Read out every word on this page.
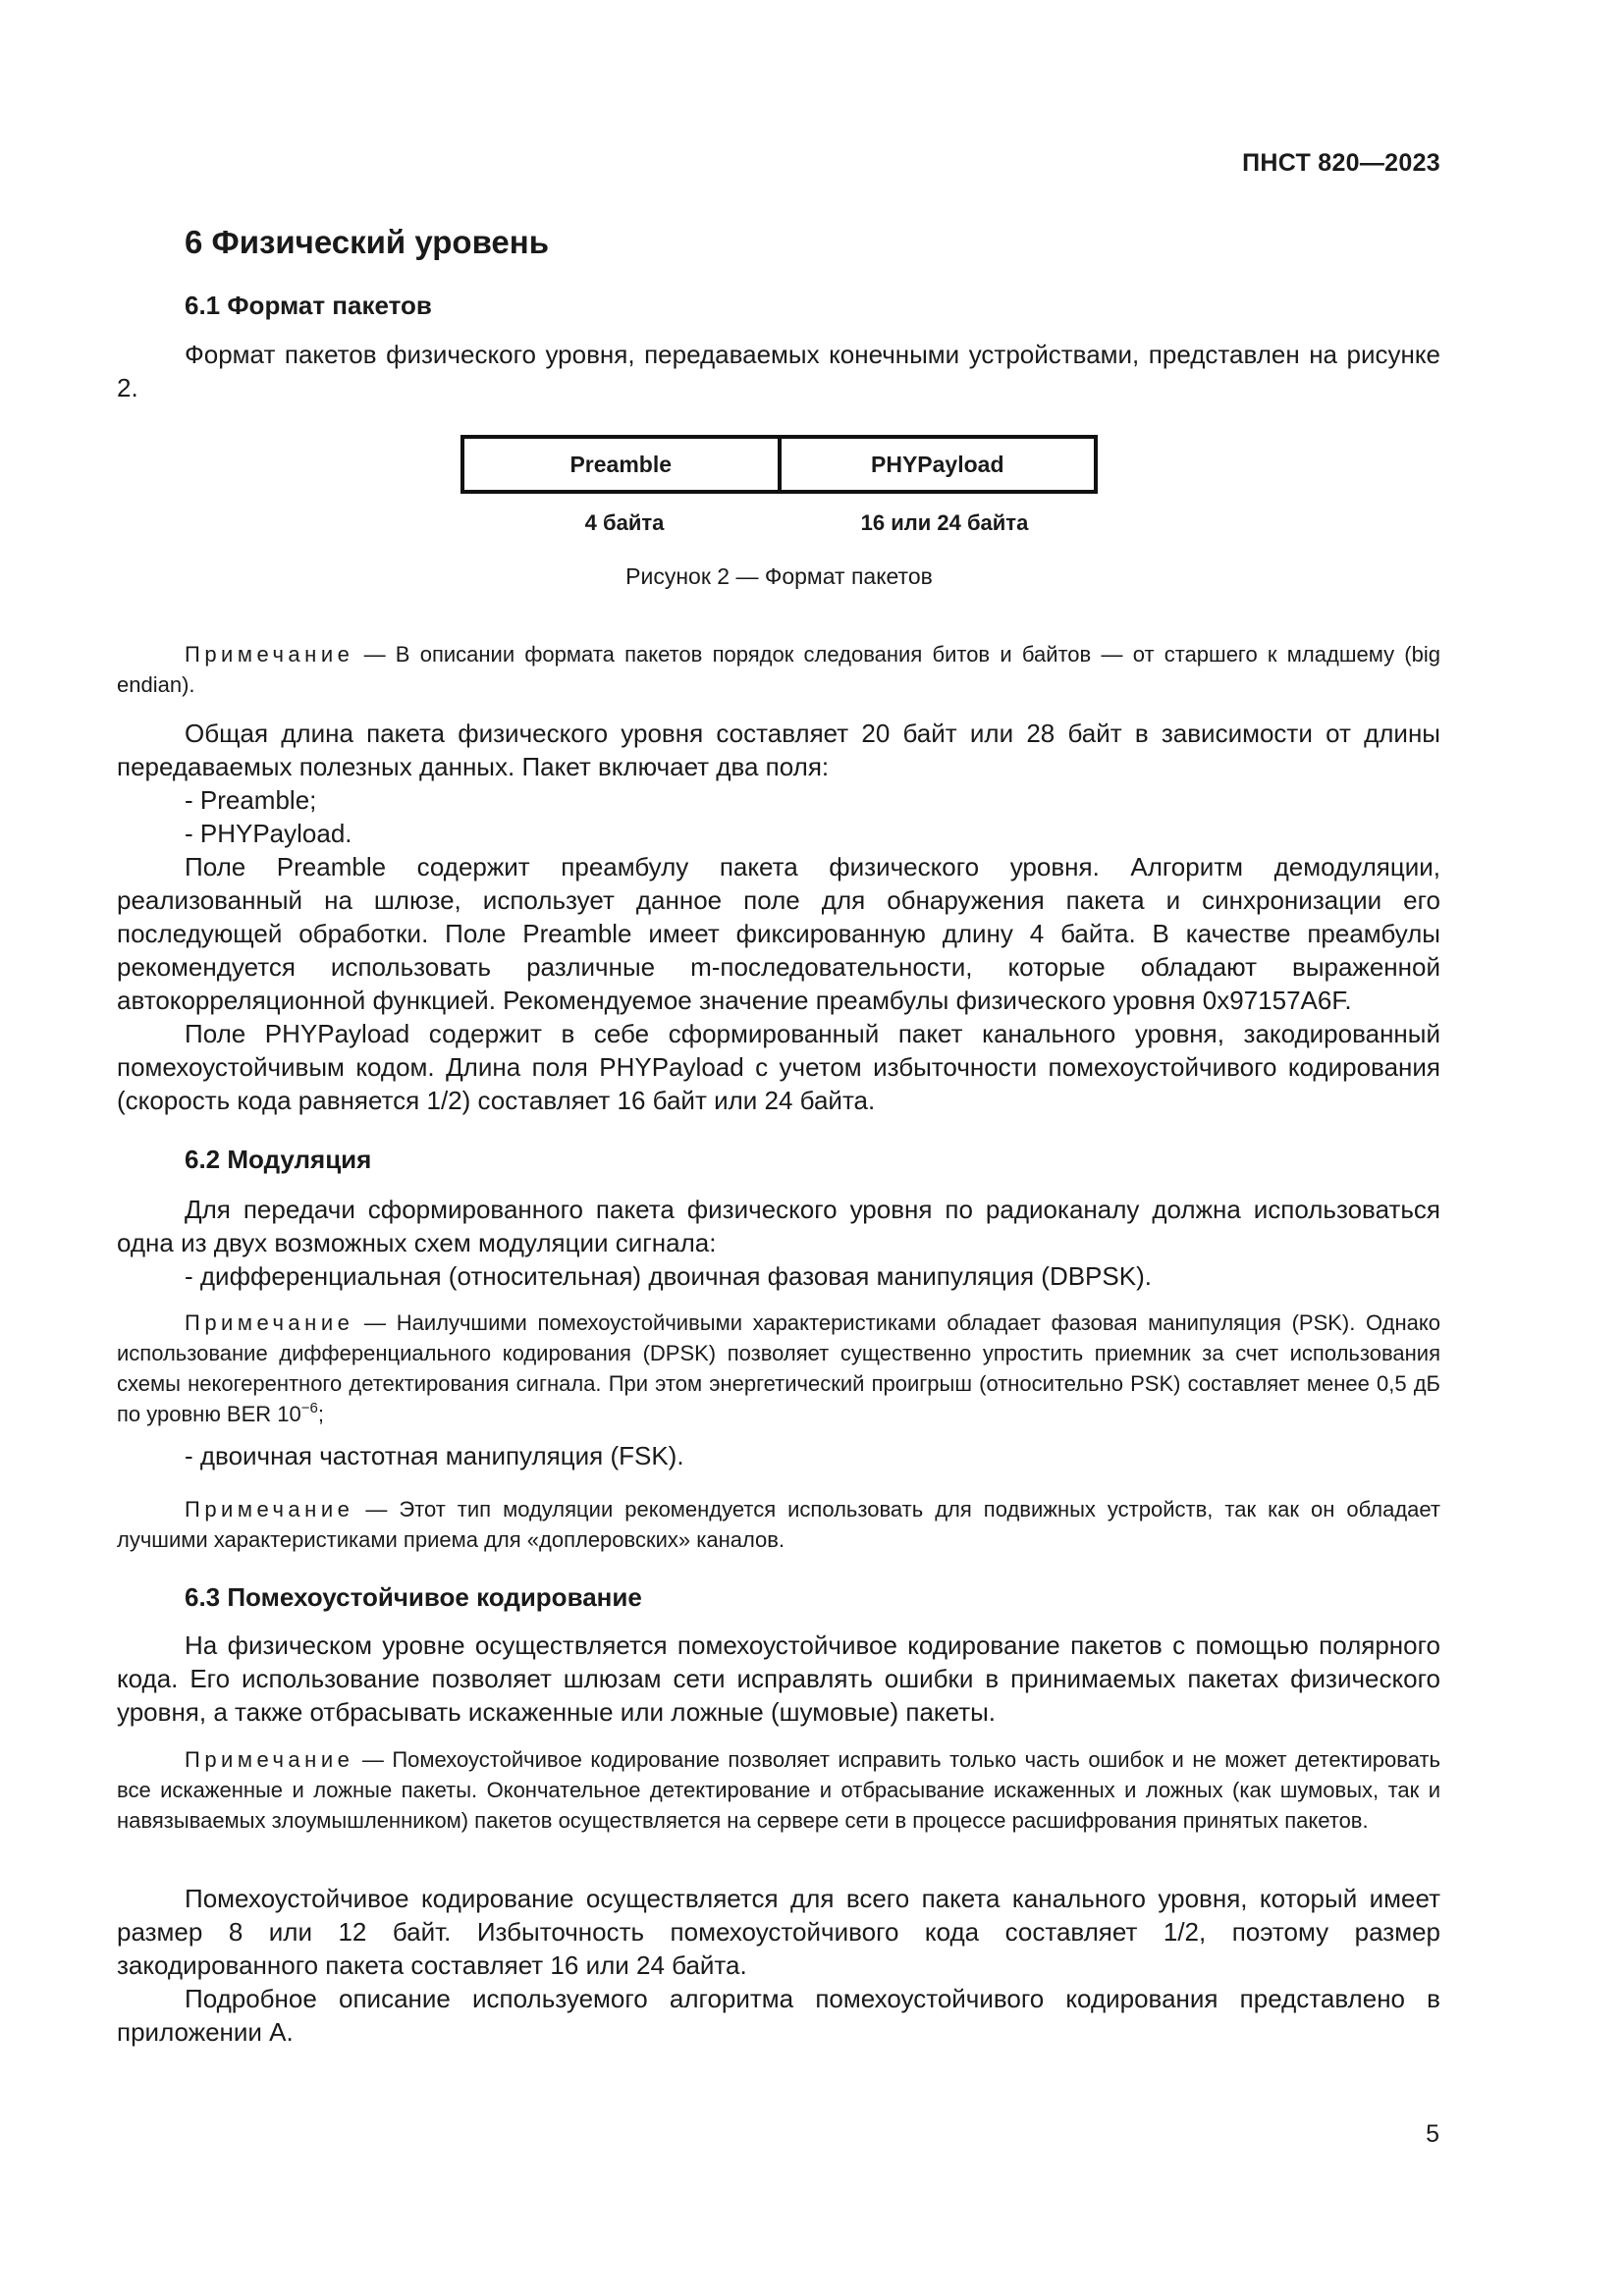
ПНСТ 820—2023
6 Физический уровень
6.1 Формат пакетов

Формат пакетов физического уровня, передаваемых конечными устройствами, представлен на рисунке 2.

Preamble	PHYPayload
4 байта	16 или 24 байта
Рисунок 2 — Формат пакетов

Примечание — В описании формата пакетов порядок следования битов и байтов — от старшего к младшему (big endian).

Общая длина пакета физического уровня составляет 20 байт или 28 байт в зависимости от длины передаваемых полезных данных. Пакет включает два поля:

- Preamble;

- PHYPayload.

Поле Preamble содержит преамбулу пакета физического уровня. Алгоритм демодуляции, реализованный на шлюзе, использует данное поле для обнаружения пакета и синхронизации его последующей обработки. Поле Preamble имеет фиксированную длину 4 байта. В качестве преамбулы рекомендуется использовать различные m-последовательности, которые обладают выраженной автокорреляционной функцией. Рекомендуемое значение преамбулы физического уровня 0x97157A6F.

Поле PHYPayload содержит в себе сформированный пакет канального уровня, закодированный помехоустойчивым кодом. Длина поля PHYPayload с учетом избыточности помехоустойчивого кодирования (скорость кода равняется 1/2) составляет 16 байт или 24 байта.

6.2 Модуляция

Для передачи сформированного пакета физического уровня по радиоканалу должна использоваться одна из двух возможных схем модуляции сигнала:

- дифференциальная (относительная) двоичная фазовая манипуляция (DBPSK).

Примечание — Наилучшими помехоустойчивыми характеристиками обладает фазовая манипуляция (PSK). Однако использование дифференциального кодирования (DPSK) позволяет существенно упростить приемник за счет использования схемы некогерентного детектирования сигнала. При этом энергетический проигрыш (относительно PSK) составляет менее 0,5 дБ по уровню BER $10^{-6}$;

- двоичная частотная манипуляция (FSK).

Примечание — Этот тип модуляции рекомендуется использовать для подвижных устройств, так как он обладает лучшими характеристиками приема для «доплеровских» каналов.

6.3 Помехоустойчивое кодирование

На физическом уровне осуществляется помехоустойчивое кодирование пакетов с помощью полярного кода. Его использование позволяет шлюзам сети исправлять ошибки в принимаемых пакетах физического уровня, а также отбрасывать искаженные или ложные (шумовые) пакеты.

Примечание — Помехоустойчивое кодирование позволяет исправить только часть ошибок и не может детектировать все искаженные и ложные пакеты. Окончательное детектирование и отбрасывание искаженных и ложных (как шумовых, так и навязываемых злоумышленником) пакетов осуществляется на сервере сети в процессе расшифрования принятых пакетов.

Помехоустойчивое кодирование осуществляется для всего пакета канального уровня, который имеет размер 8 или 12 байт. Избыточность помехоустойчивого кода составляет 1/2, поэтому размер закодированного пакета составляет 16 или 24 байта.

Подробное описание используемого алгоритма помехоустойчивого кодирования представлено в приложении А.

5
